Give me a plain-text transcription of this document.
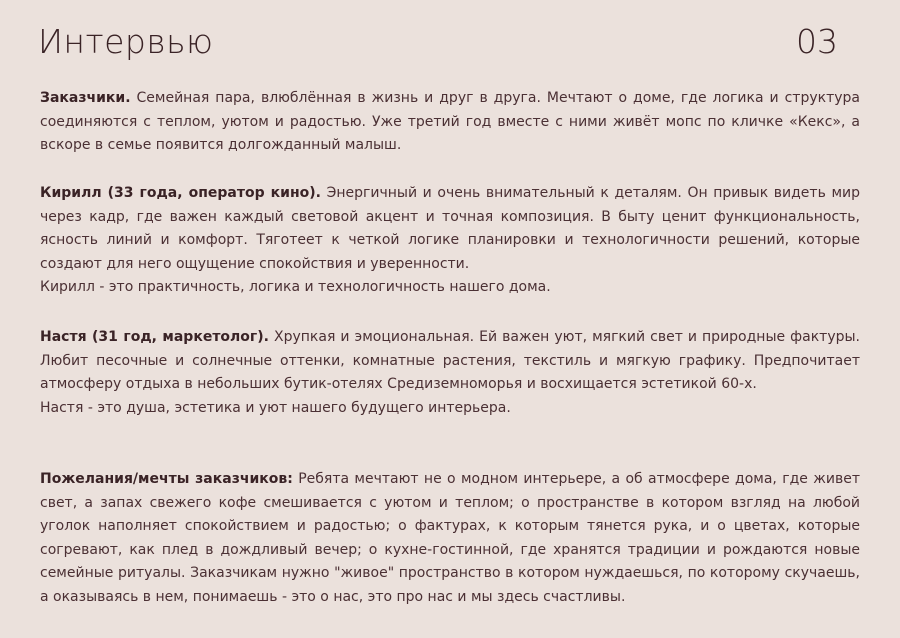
Интервью	03

Заказчики. Семейная пара, влюблённая в жизнь и друг в друга. Мечтают о доме, где логика и структура соединяются с теплом, уютом и радостью. Уже третий год вместе с ними живёт мопс по кличке «Кекс», а вскоре в семье появится долгожданный малыш.

Кирилл (33 года, оператор кино). Энергичный и очень внимательный к деталям. Он привык видеть мир через кадр, где важен каждый световой акцент и точная композиция. В быту ценит функциональность, ясность линий и комфорт. Тяготеет к четкой логике планировки и технологичности решений, которые создают для него ощущение спокойствия и уверенности.

Кирилл - это практичность, логика и технологичность нашего дома.

Настя (31 год, маркетолог). Хрупкая и эмоциональная. Ей важен уют, мягкий свет и природные фактуры. Любит песочные и солнечные оттенки, комнатные растения, текстиль и мягкую графику. Предпочитает атмосферу отдыха в небольших бутик-отелях Средиземноморья и восхищается эстетикой 60-х.

Настя - это душа, эстетика и уют нашего будущего интерьера.

Пожелания/мечты заказчиков: Ребята мечтают не о модном интерьере, а об атмосфере дома, где живет свет, а запах свежего кофе смешивается с уютом и теплом; о пространстве в котором взгляд на любой уголок наполняет спокойствием и радостью; о фактурах, к которым тянется рука, и о цветах, которые согревают, как плед в дождливый вечер; о кухне-гостинной, где хранятся традиции и рождаются новые семейные ритуалы. Заказчикам нужно "живое" пространство в котором нуждаешься, по которому скучаешь, а оказываясь в нем, понимаешь - это о нас, это про нас и мы здесь счастливы.
